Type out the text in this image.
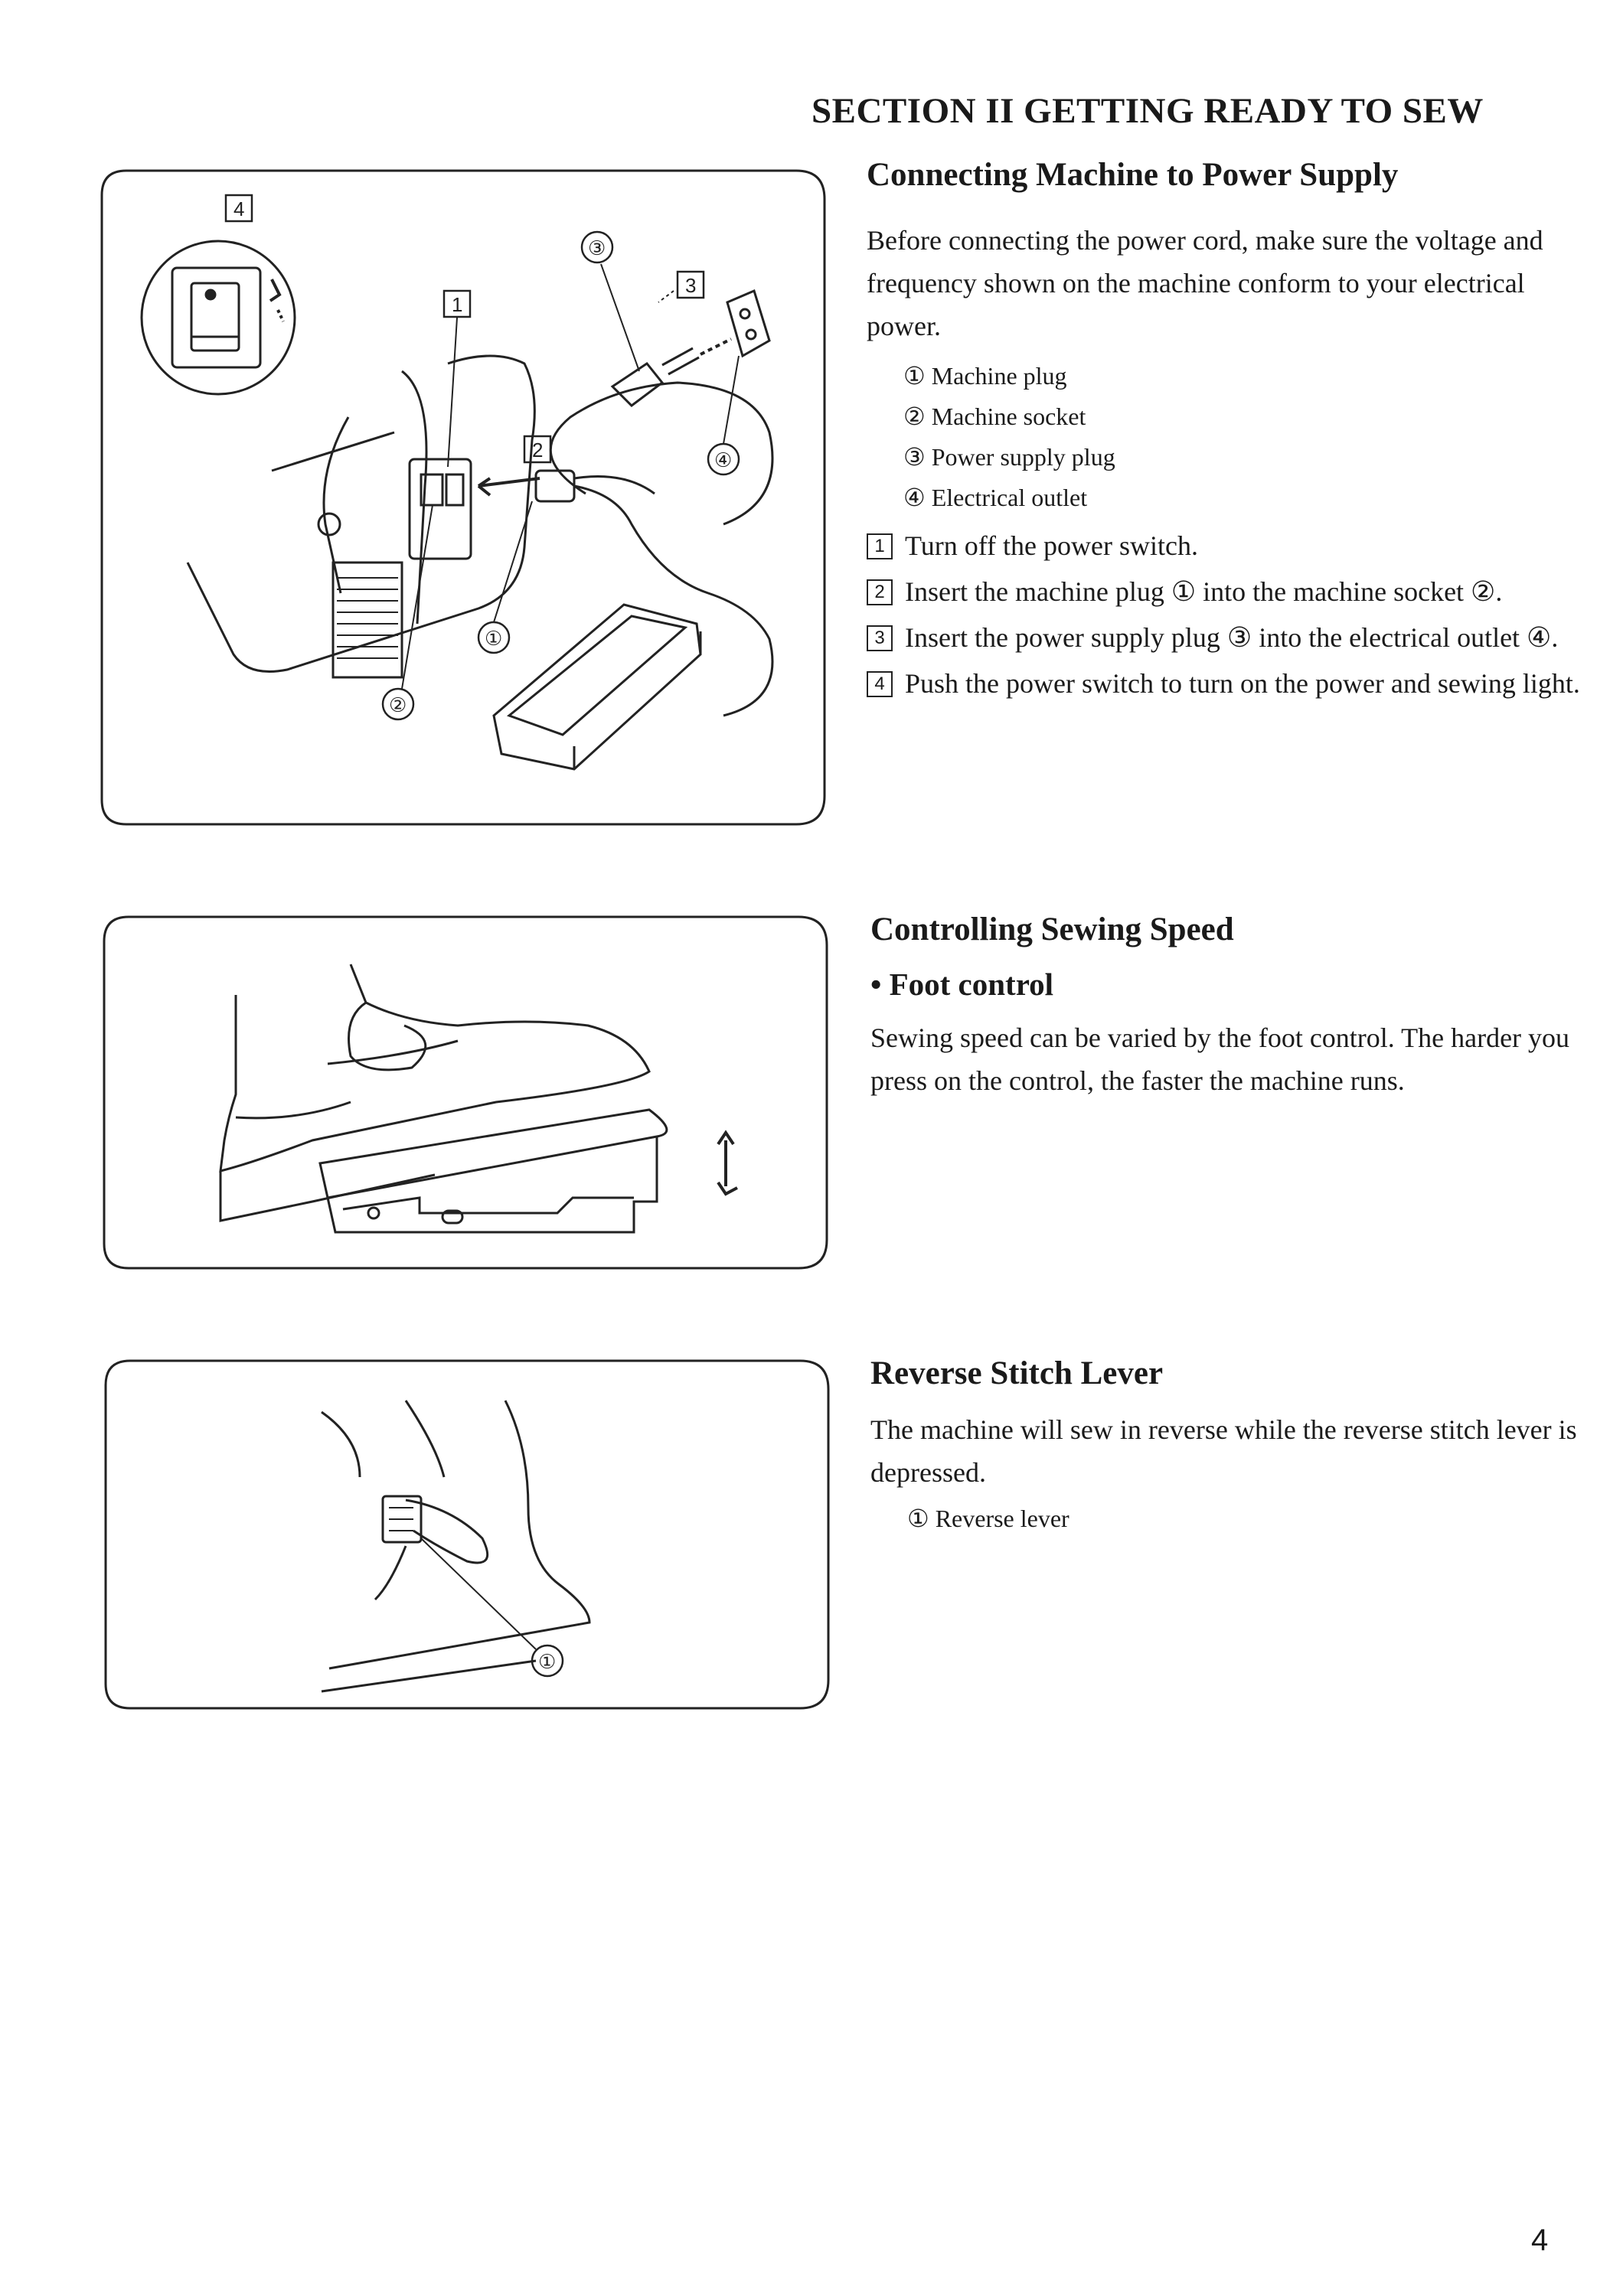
SECTION II GETTING READY TO SEW
4
1
2
3
③
④
①
②
Connecting Machine to Power Supply

Before connecting the power cord, make sure the voltage and frequency shown on the machine conform to your electrical power.

① Machine plug
② Machine socket
③ Power supply plug
④ Electrical outlet
1 Turn off the power switch.
2 Insert the machine plug ① into the machine socket ②.
3 Insert the power supply plug ③ into the electrical outlet ④.
4 Push the power switch to turn on the power and sewing light.
Controlling Sewing Speed
• Foot control

Sewing speed can be varied by the foot control. The harder you press on the control, the faster the machine runs.

①
Reverse Stitch Lever

The machine will sew in reverse while the reverse stitch lever is depressed.

① Reverse lever
4
